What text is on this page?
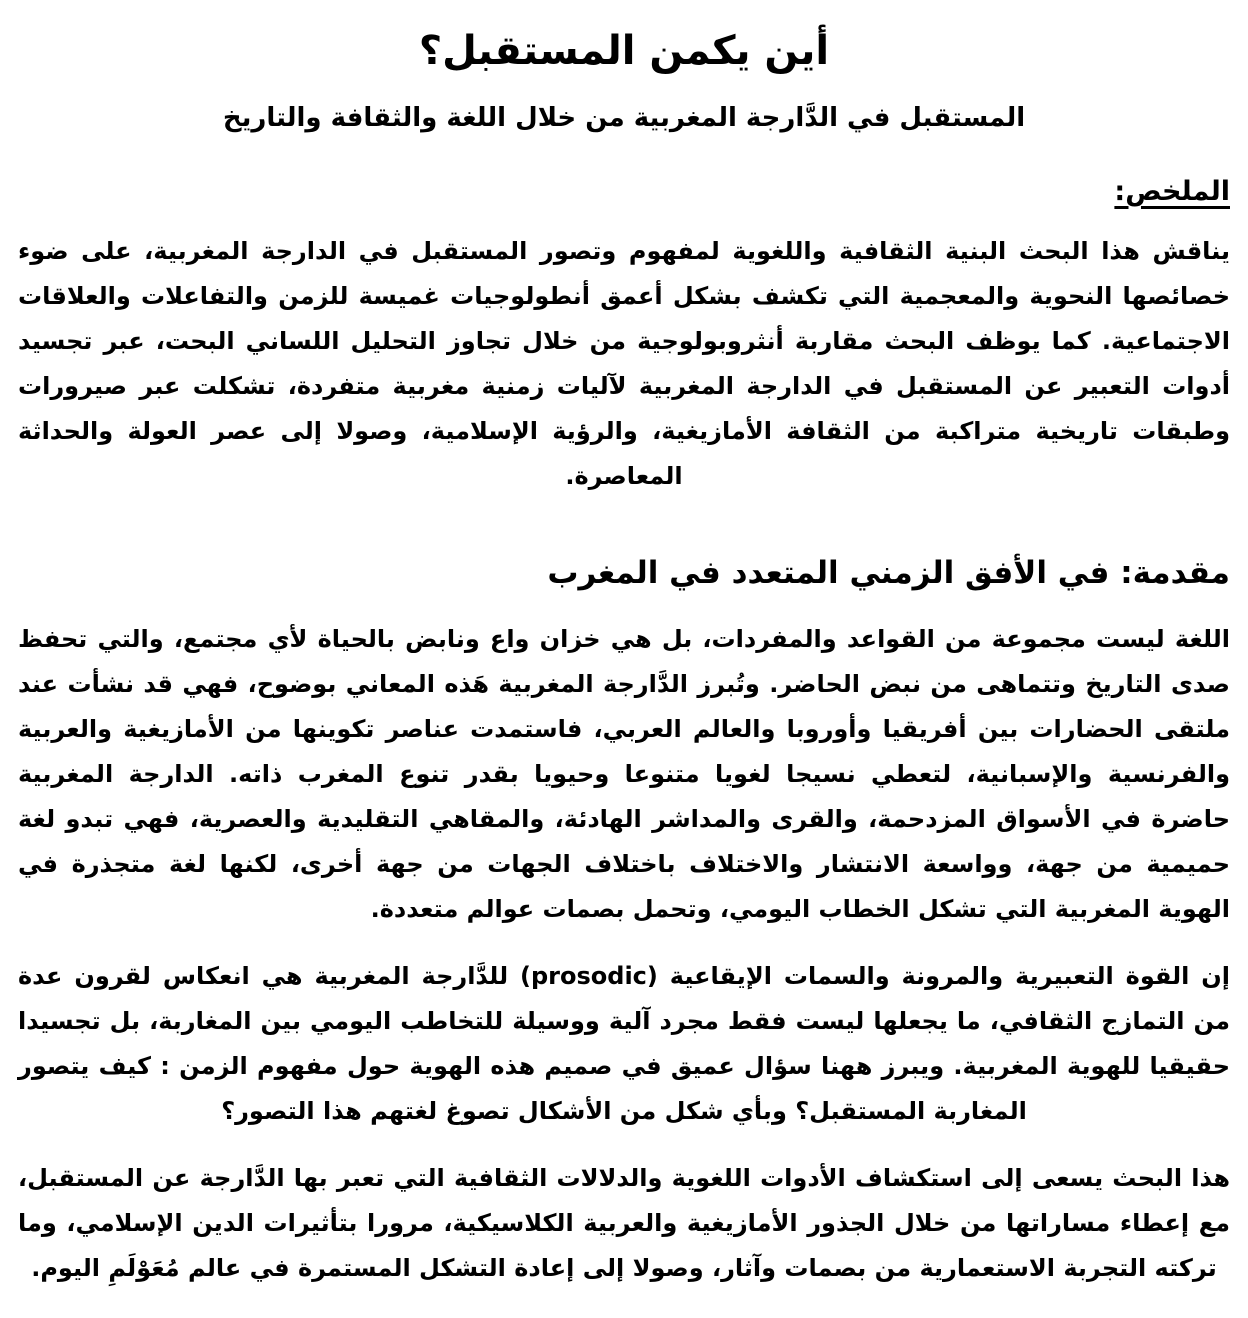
أين يكمن المستقبل؟
المستقبل في الدَّارجة المغربية من خلال اللغة والثقافة والتاريخ
الملخص:

يناقش هذا البحث البنية الثقافية واللغوية لمفهوم وتصور المستقبل في الدارجة المغربية، على ضوء خصائصها النحوية والمعجمية التي تكشف بشكل أعمق أنطولوجيات غميسة للزمن والتفاعلات والعلاقات الاجتماعية. كما يوظف البحث مقاربة أنثروبولوجية من خلال تجاوز التحليل اللساني البحت، عبر تجسيد أدوات التعبير عن المستقبل في الدارجة المغربية لآليات زمنية مغربية متفردة، تشكلت عبر صيرورات وطبقات تاريخية متراكبة من الثقافة الأمازيغية، والرؤية الإسلامية، وصولا إلى عصر العولة والحداثة المعاصرة.

مقدمة: في الأفق الزمني المتعدد في المغرب

اللغة ليست مجموعة من القواعد والمفردات، بل هي خزان واع ونابض بالحياة لأي مجتمع، والتي تحفظ صدى التاريخ وتتماهى من نبض الحاضر. وتُبرز الدَّارجة المغربية هَذه المعاني بوضوح، فهي قد نشأت عند ملتقى الحضارات بين أفريقيا وأوروبا والعالم العربي، فاستمدت عناصر تكوينها من الأمازيغية والعربية والفرنسية والإسبانية، لتعطي نسيجا لغويا متنوعا وحيويا بقدر تنوع المغرب ذاته. الدارجة المغربية حاضرة في الأسواق المزدحمة، والقرى والمداشر الهادئة، والمقاهي التقليدية والعصرية، فهي تبدو لغة حميمية من جهة، وواسعة الانتشار والاختلاف باختلاف الجهات من جهة أخرى، لكنها لغة متجذرة في الهوية المغربية التي تشكل الخطاب اليومي، وتحمل بصمات عوالم متعددة.

إن القوة التعبيرية والمرونة والسمات الإيقاعية (prosodic) للدَّارجة المغربية هي انعكاس لقرون عدة من التمازج الثقافي، ما يجعلها ليست فقط مجرد آلية ووسيلة للتخاطب اليومي بين المغاربة، بل تجسيدا حقيقيا للهوية المغربية. ويبرز ههنا سؤال عميق في صميم هذه الهوية حول مفهوم الزمن : كيف يتصور المغاربة المستقبل؟ وبأي شكل من الأشكال تصوغ لغتهم هذا التصور؟

هذا البحث يسعى إلى استكشاف الأدوات اللغوية والدلالات الثقافية التي تعبر بها الدَّارجة عن المستقبل، مع إعطاء مساراتها من خلال الجذور الأمازيغية والعربية الكلاسيكية، مرورا بتأثيرات الدين الإسلامي، وما تركته التجربة الاستعمارية من بصمات وآثار، وصولا إلى إعادة التشكل المستمرة في عالم مُعَوْلَمِ اليوم.
